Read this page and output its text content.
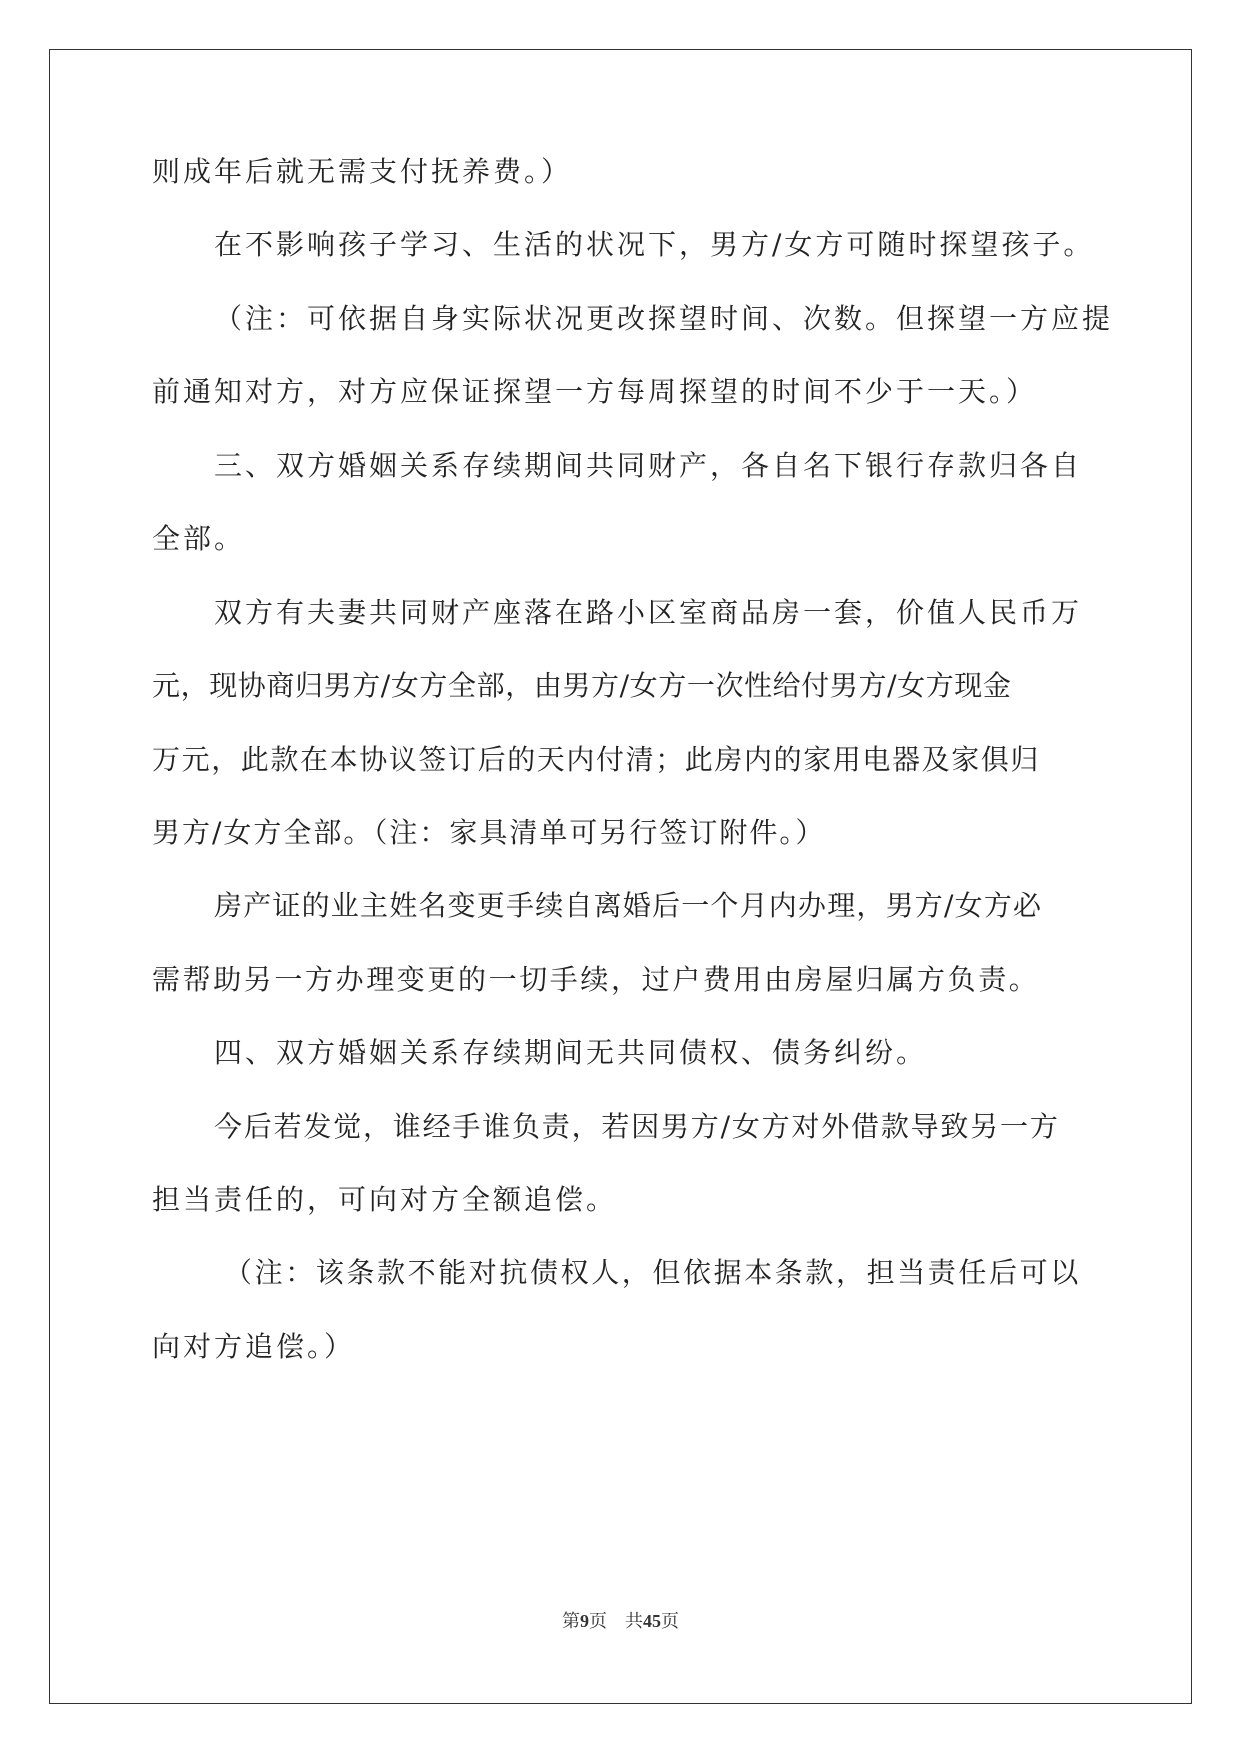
则成年后就无需支付抚养费。）
在不影响孩子学习、生活的状况下，男方/女方可随时探望孩子。
（注：可依据自身实际状况更改探望时间、次数。但探望一方应提
前通知对方，对方应保证探望一方每周探望的时间不少于一天。）
三、双方婚姻关系存续期间共同财产，各自名下银行存款归各自
全部。
双方有夫妻共同财产座落在路小区室商品房一套，价值人民币万
元，现协商归男方/女方全部，由男方/女方一次性给付男方/女方现金
万元，此款在本协议签订后的天内付清；此房内的家用电器及家俱归
男方/女方全部。（注：家具清单可另行签订附件。）
房产证的业主姓名变更手续自离婚后一个月内办理，男方/女方必
需帮助另一方办理变更的一切手续，过户费用由房屋归属方负责。
四、双方婚姻关系存续期间无共同债权、债务纠纷。
今后若发觉，谁经手谁负责，若因男方/女方对外借款导致另一方
担当责任的，可向对方全额追偿。
（注：该条款不能对抗债权人，但依据本条款，担当责任后可以
向对方追偿。）
第9页 共45页
